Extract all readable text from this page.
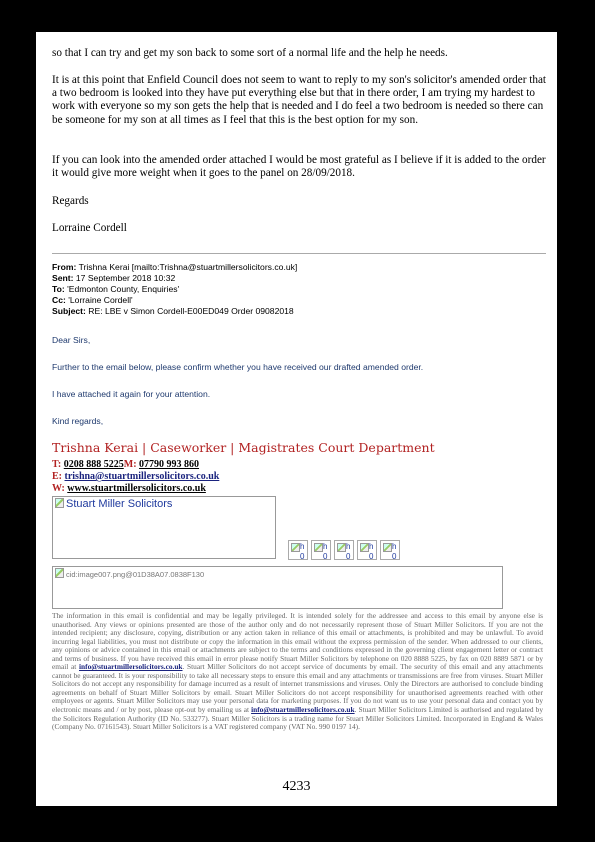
so that I can try and get my son back to some sort of a normal life and the help he needs.
It is at this point that Enfield Council does not seem to want to reply to my son's solicitor's amended order that a two bedroom is looked into they have put everything else but that in there order, I am trying my hardest to work with everyone so my son gets the help that is needed and I do feel a two bedroom is needed so there can be someone for my son at all times as I feel that this is the best option for my son.
If you can look into the amended order attached I would be most grateful as I believe if it is added to the order it would give more weight when it goes to the panel on 28/09/2018.
Regards
Lorraine Cordell
From: Trishna Kerai [mailto:Trishna@stuartmillersolicitors.co.uk]
Sent: 17 September 2018 10:32
To: 'Edmonton County, Enquiries'
Cc: 'Lorraine Cordell'
Subject: RE: LBE v Simon Cordell-E00ED049 Order 09082018
Dear Sirs,
Further to the email below, please confirm whether you have received our drafted amended order.
I have attached it again for your attention.
Kind regards,
Trishna Kerai | Caseworker | Magistrates Court Department
T: 0208 888 5225M: 07790 993 860
E: trishna@stuartmillersolicitors.co.uk
W: www.stuartmillersolicitors.co.uk
Stuart Miller Solicitors
h
0
h
0
h
0
h
0
h
0
cid:image007.png@01D38A07.0838F130
The information in this email is confidential and may be legally privileged. It is intended solely for the addressee and access to this email by anyone else is unauthorised. Any views or opinions presented are those of the author only and do not necessarily represent those of Stuart Miller Solicitors. If you are not the intended recipient; any disclosure, copying, distribution or any action taken in reliance of this email or attachments, is prohibited and may be unlawful. To avoid incurring legal liabilities, you must not distribute or copy the information in this email without the express permission of the sender. When addressed to our clients, any opinions or advice contained in this email or attachments are subject to the terms and conditions expressed in the governing client engagement letter or contract and terms of business. If you have received this email in error please notify Stuart Miller Solicitors by telephone on 020 8888 5225, by fax on 020 8889 5871 or by email at info@stuartmillersolicitors.co.uk. Stuart Miller Solicitors do not accept service of documents by email. The security of this email and any attachments cannot be guaranteed. It is your responsibility to take all necessary steps to ensure this email and any attachments or transmissions are free from viruses. Stuart Miller Solicitors do not accept any responsibility for damage incurred as a result of internet transmissions and viruses. Only the Directors are authorised to conclude binding agreements on behalf of Stuart Miller Solicitors by email. Stuart Miller Solicitors do not accept responsibility for unauthorised agreements reached with other employees or agents. Stuart Miller Solicitors may use your personal data for marketing purposes. If you do not want us to use your personal data and contact you by electronic means and / or by post, please opt-out by emailing us at info@stuartmillersolicitors.co.uk. Stuart Miller Solicitors Limited is authorised and regulated by the Solicitors Regulation Authority (ID No. 533277). Stuart Miller Solicitors is a trading name for Stuart Miller Solicitors Limited. Incorporated in England & Wales (Company No. 07161543). Stuart Miller Solicitors is a VAT registered company (VAT No. 990 0197 14).
4233
